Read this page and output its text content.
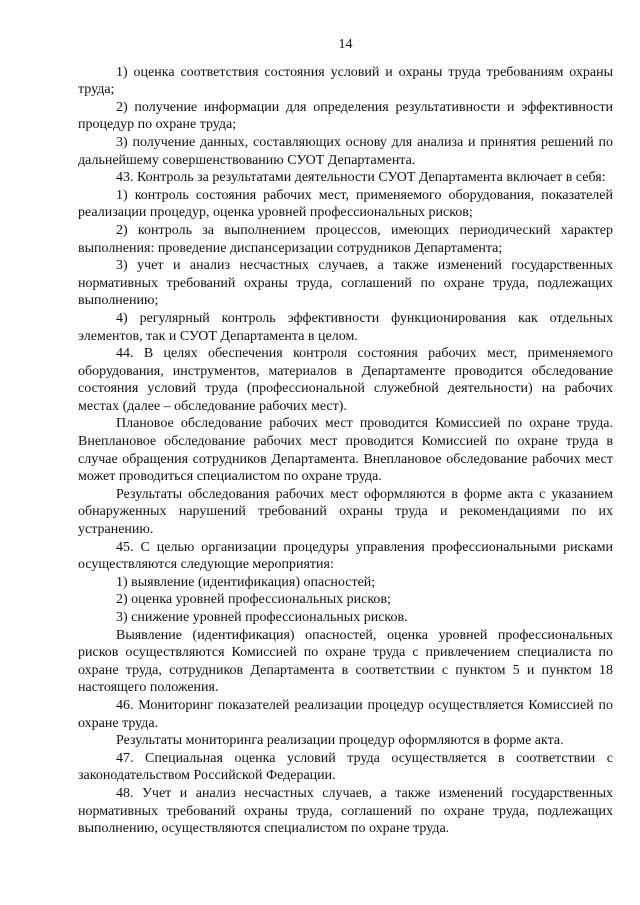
14

1) оценка соответствия состояния условий и охраны труда требованиям охраны труда;

2) получение информации для определения результативности и эффективности процедур по охране труда;

3) получение данных, составляющих основу для анализа и принятия решений по дальнейшему совершенствованию СУОТ Департамента.

43. Контроль за результатами деятельности СУОТ Департамента включает в себя:

1) контроль состояния рабочих мест, применяемого оборудования, показателей реализации процедур, оценка уровней профессиональных рисков;

2) контроль за выполнением процессов, имеющих периодический характер выполнения: проведение диспансеризации сотрудников Департамента;

3) учет и анализ несчастных случаев, а также изменений государственных нормативных требований охраны труда, соглашений по охране труда, подлежащих выполнению;

4) регулярный контроль эффективности функционирования как отдельных элементов, так и СУОТ Департамента в целом.

44. В целях обеспечения контроля состояния рабочих мест, применяемого оборудования, инструментов, материалов в Департаменте проводится обследование состояния условий труда (профессиональной служебной деятельности) на рабочих местах (далее – обследование рабочих мест).

Плановое обследование рабочих мест проводится Комиссией по охране труда. Внеплановое обследование рабочих мест проводится Комиссией по охране труда в случае обращения сотрудников Департамента. Внеплановое обследование рабочих мест может проводиться специалистом по охране труда.

Результаты обследования рабочих мест оформляются в форме акта с указанием обнаруженных нарушений требований охраны труда и рекомендациями по их устранению.

45. С целью организации процедуры управления профессиональными рисками осуществляются следующие мероприятия:

1) выявление (идентификация) опасностей;

2) оценка уровней профессиональных рисков;

3) снижение уровней профессиональных рисков.

Выявление (идентификация) опасностей, оценка уровней профессиональных рисков осуществляются Комиссией по охране труда с привлечением специалиста по охране труда, сотрудников Департамента в соответствии с пунктом 5 и пунктом 18 настоящего положения.

46. Мониторинг показателей реализации процедур осуществляется Комиссией по охране труда.

Результаты мониторинга реализации процедур оформляются в форме акта.

47. Специальная оценка условий труда осуществляется в соответствии с законодательством Российской Федерации.

48. Учет и анализ несчастных случаев, а также изменений государственных нормативных требований охраны труда, соглашений по охране труда, подлежащих выполнению, осуществляются специалистом по охране труда.
